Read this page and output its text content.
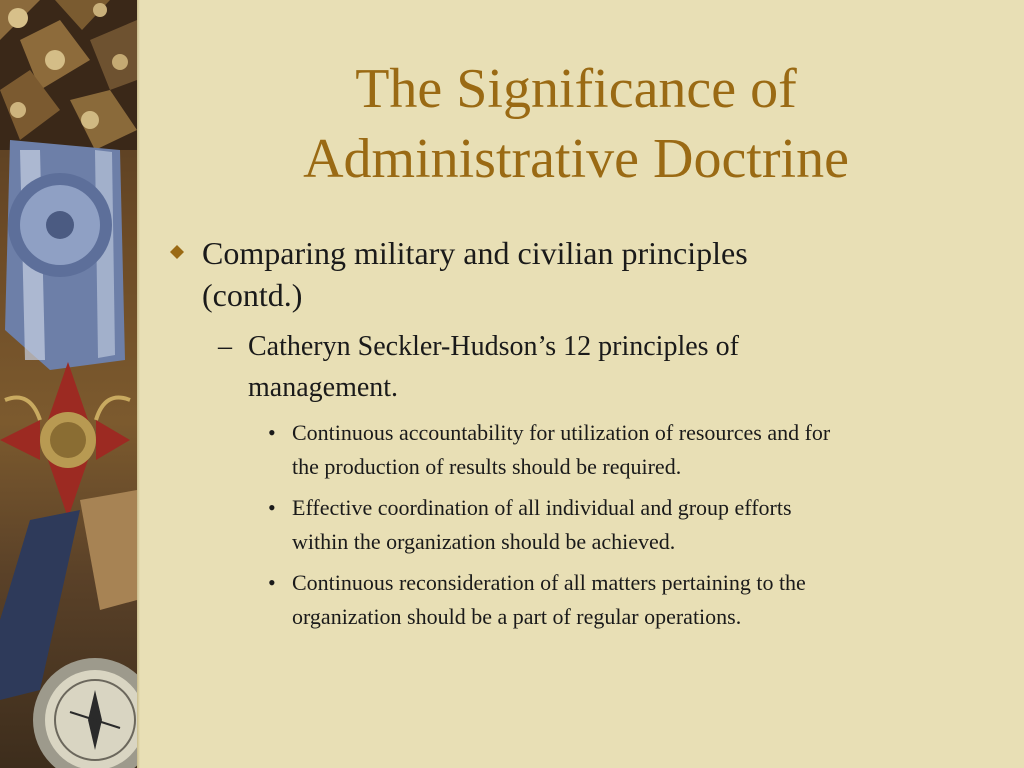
The Significance of
Administrative Doctrine
Comparing military and civilian principles
(contd.)
– Catheryn Seckler-Hudson’s 12 principles of
management.
• Continuous accountability for utilization of resources and for
the production of results should be required.
• Effective coordination of all individual and group efforts
within the organization should be achieved.
• Continuous reconsideration of all matters pertaining to the
organization should be a part of regular operations.
